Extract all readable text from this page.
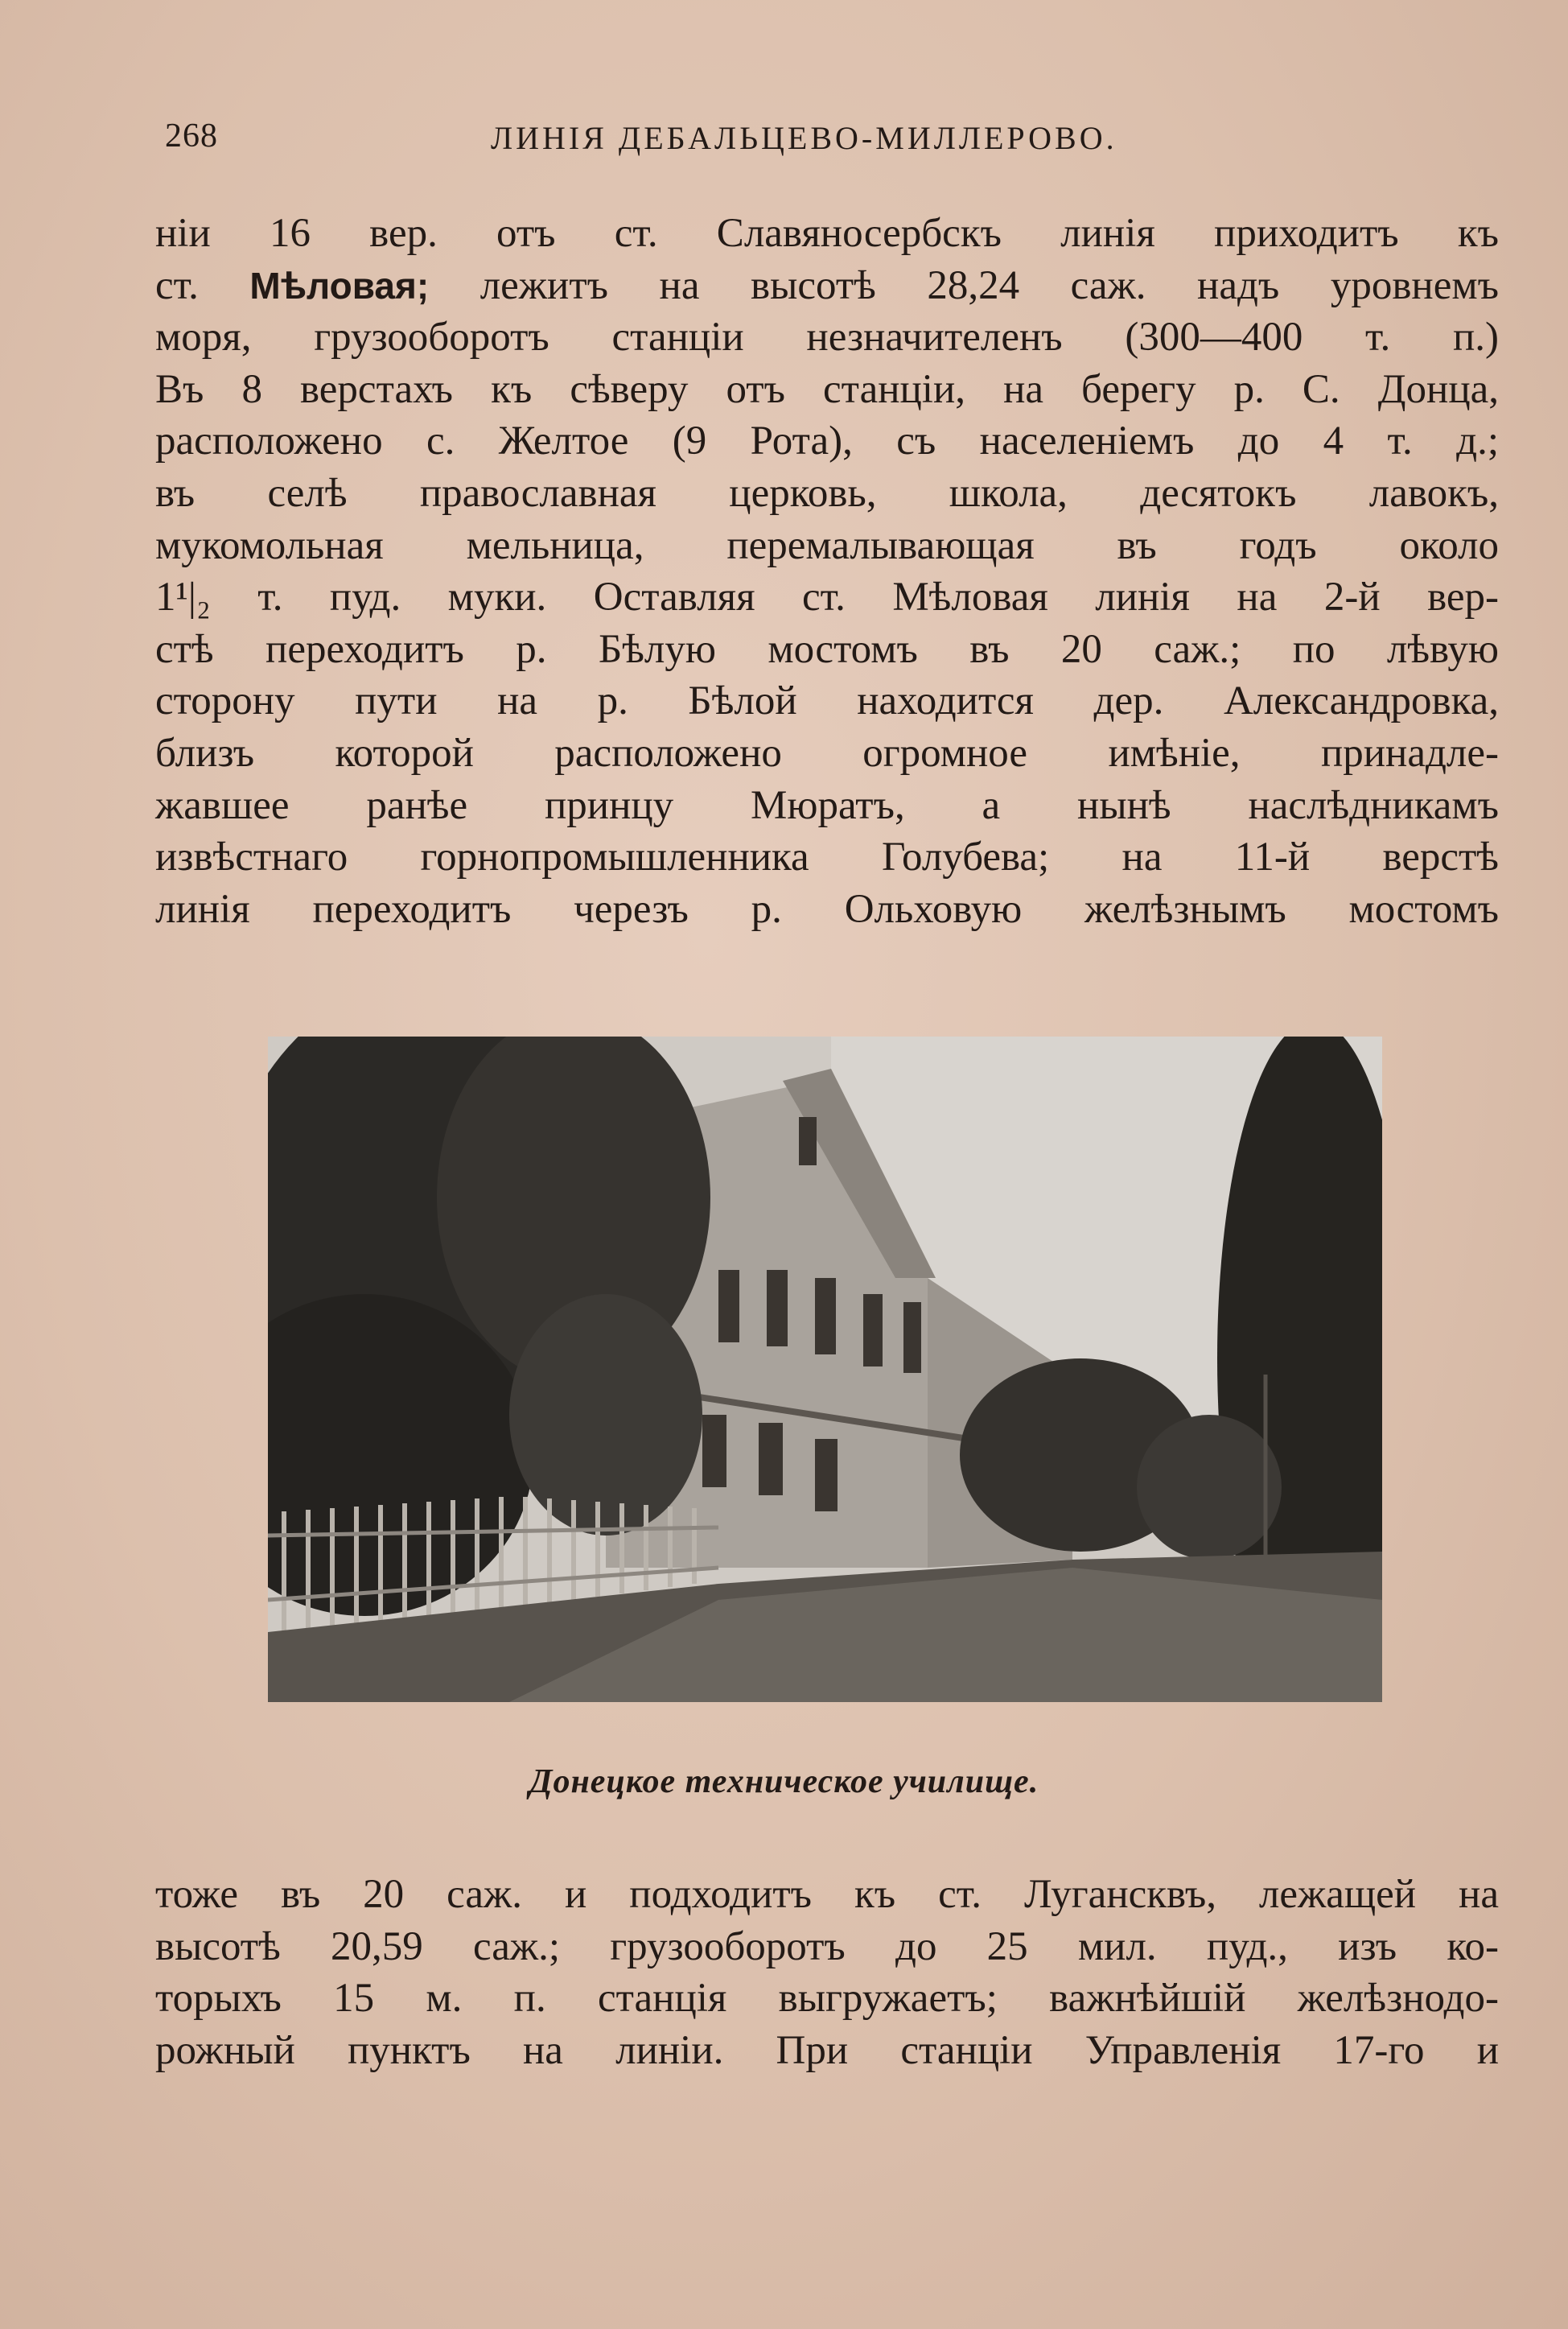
268	ЛИНІЯ ДЕБАЛЬЦЕВО-МИЛЛЕРОВО.
ніи 16 вер. отъ ст. Славяносербскъ линія приходитъ къ
ст. Мѣловая; лежитъ на высотѣ 28,24 саж. надъ уровнемъ
моря, грузооборотъ станціи незначителенъ (300—400 т. п.)
Въ 8 верстахъ къ сѣверу отъ станціи, на берегу р. С. Донца,
расположено с. Желтое (9 Рота), съ населеніемъ до 4 т. д.;
въ селѣ православная церковь, школа, десятокъ лавокъ,
мукомольная мельница, перемалывающая въ годъ около
1¹|₂ т. пуд. муки. Оставляя ст. Мѣловая линія на 2-й вер-
стѣ переходитъ р. Бѣлую мостомъ въ 20 саж.; по лѣвую
сторону пути на р. Бѣлой находится дер. Александровка,
близъ которой расположено огромное имѣніе, принадле-
жавшее ранѣе принцу Мюратъ, а нынѣ наслѣдникамъ
извѣстнаго горнопромышленника Голубева; на 11-й верстѣ
линія переходитъ черезъ р. Ольховую желѣзнымъ мостомъ
Донецкое техническое училище.
тоже въ 20 саж. и подходитъ къ ст. Лугансквъ, лежащей на
высотѣ 20,59 саж.; грузооборотъ до 25 мил. пуд., изъ ко-
торыхъ 15 м. п. станція выгружаетъ; важнѣйшій желѣзнодо-
рожный пунктъ на линіи. При станціи Управленія 17-го и
